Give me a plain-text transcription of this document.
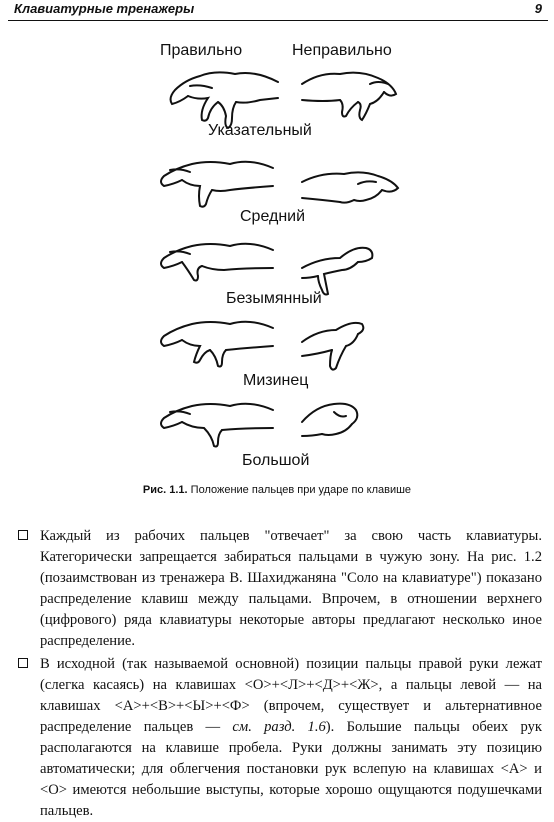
Клавиатурные тренажеры	9
Правильно	Неправильно
Указательный
Средний
Безымянный
Мизинец
Большой
Рис. 1.1. Положение пальцев при ударе по клавише
Каждый из рабочих пальцев "отвечает" за свою часть клавиатуры. Категорически запрещается забираться пальцами в чужую зону. На рис. 1.2 (позаимствован из тренажера В. Шахиджаняна "Соло на клавиатуре") показано распределение клавиш между пальцами. Впрочем, в отношении верхнего (цифрового) ряда клавиатуры некоторые авторы предлагают несколько иное распределение.
В исходной (так называемой основной) позиции пальцы правой руки лежат (слегка касаясь) на клавишах <О>+<Л>+<Д>+<Ж>, а пальцы левой — на клавишах <А>+<В>+<Ы>+<Ф> (впрочем, существует и альтернативное распределение пальцев — см. разд. 1.6). Большие пальцы обеих рук располагаются на клавише пробела. Руки должны занимать эту позицию автоматически; для облегчения постановки рук вслепую на клавишах <А> и <О> имеются небольшие выступы, которые хорошо ощущаются подушечками пальцев.
